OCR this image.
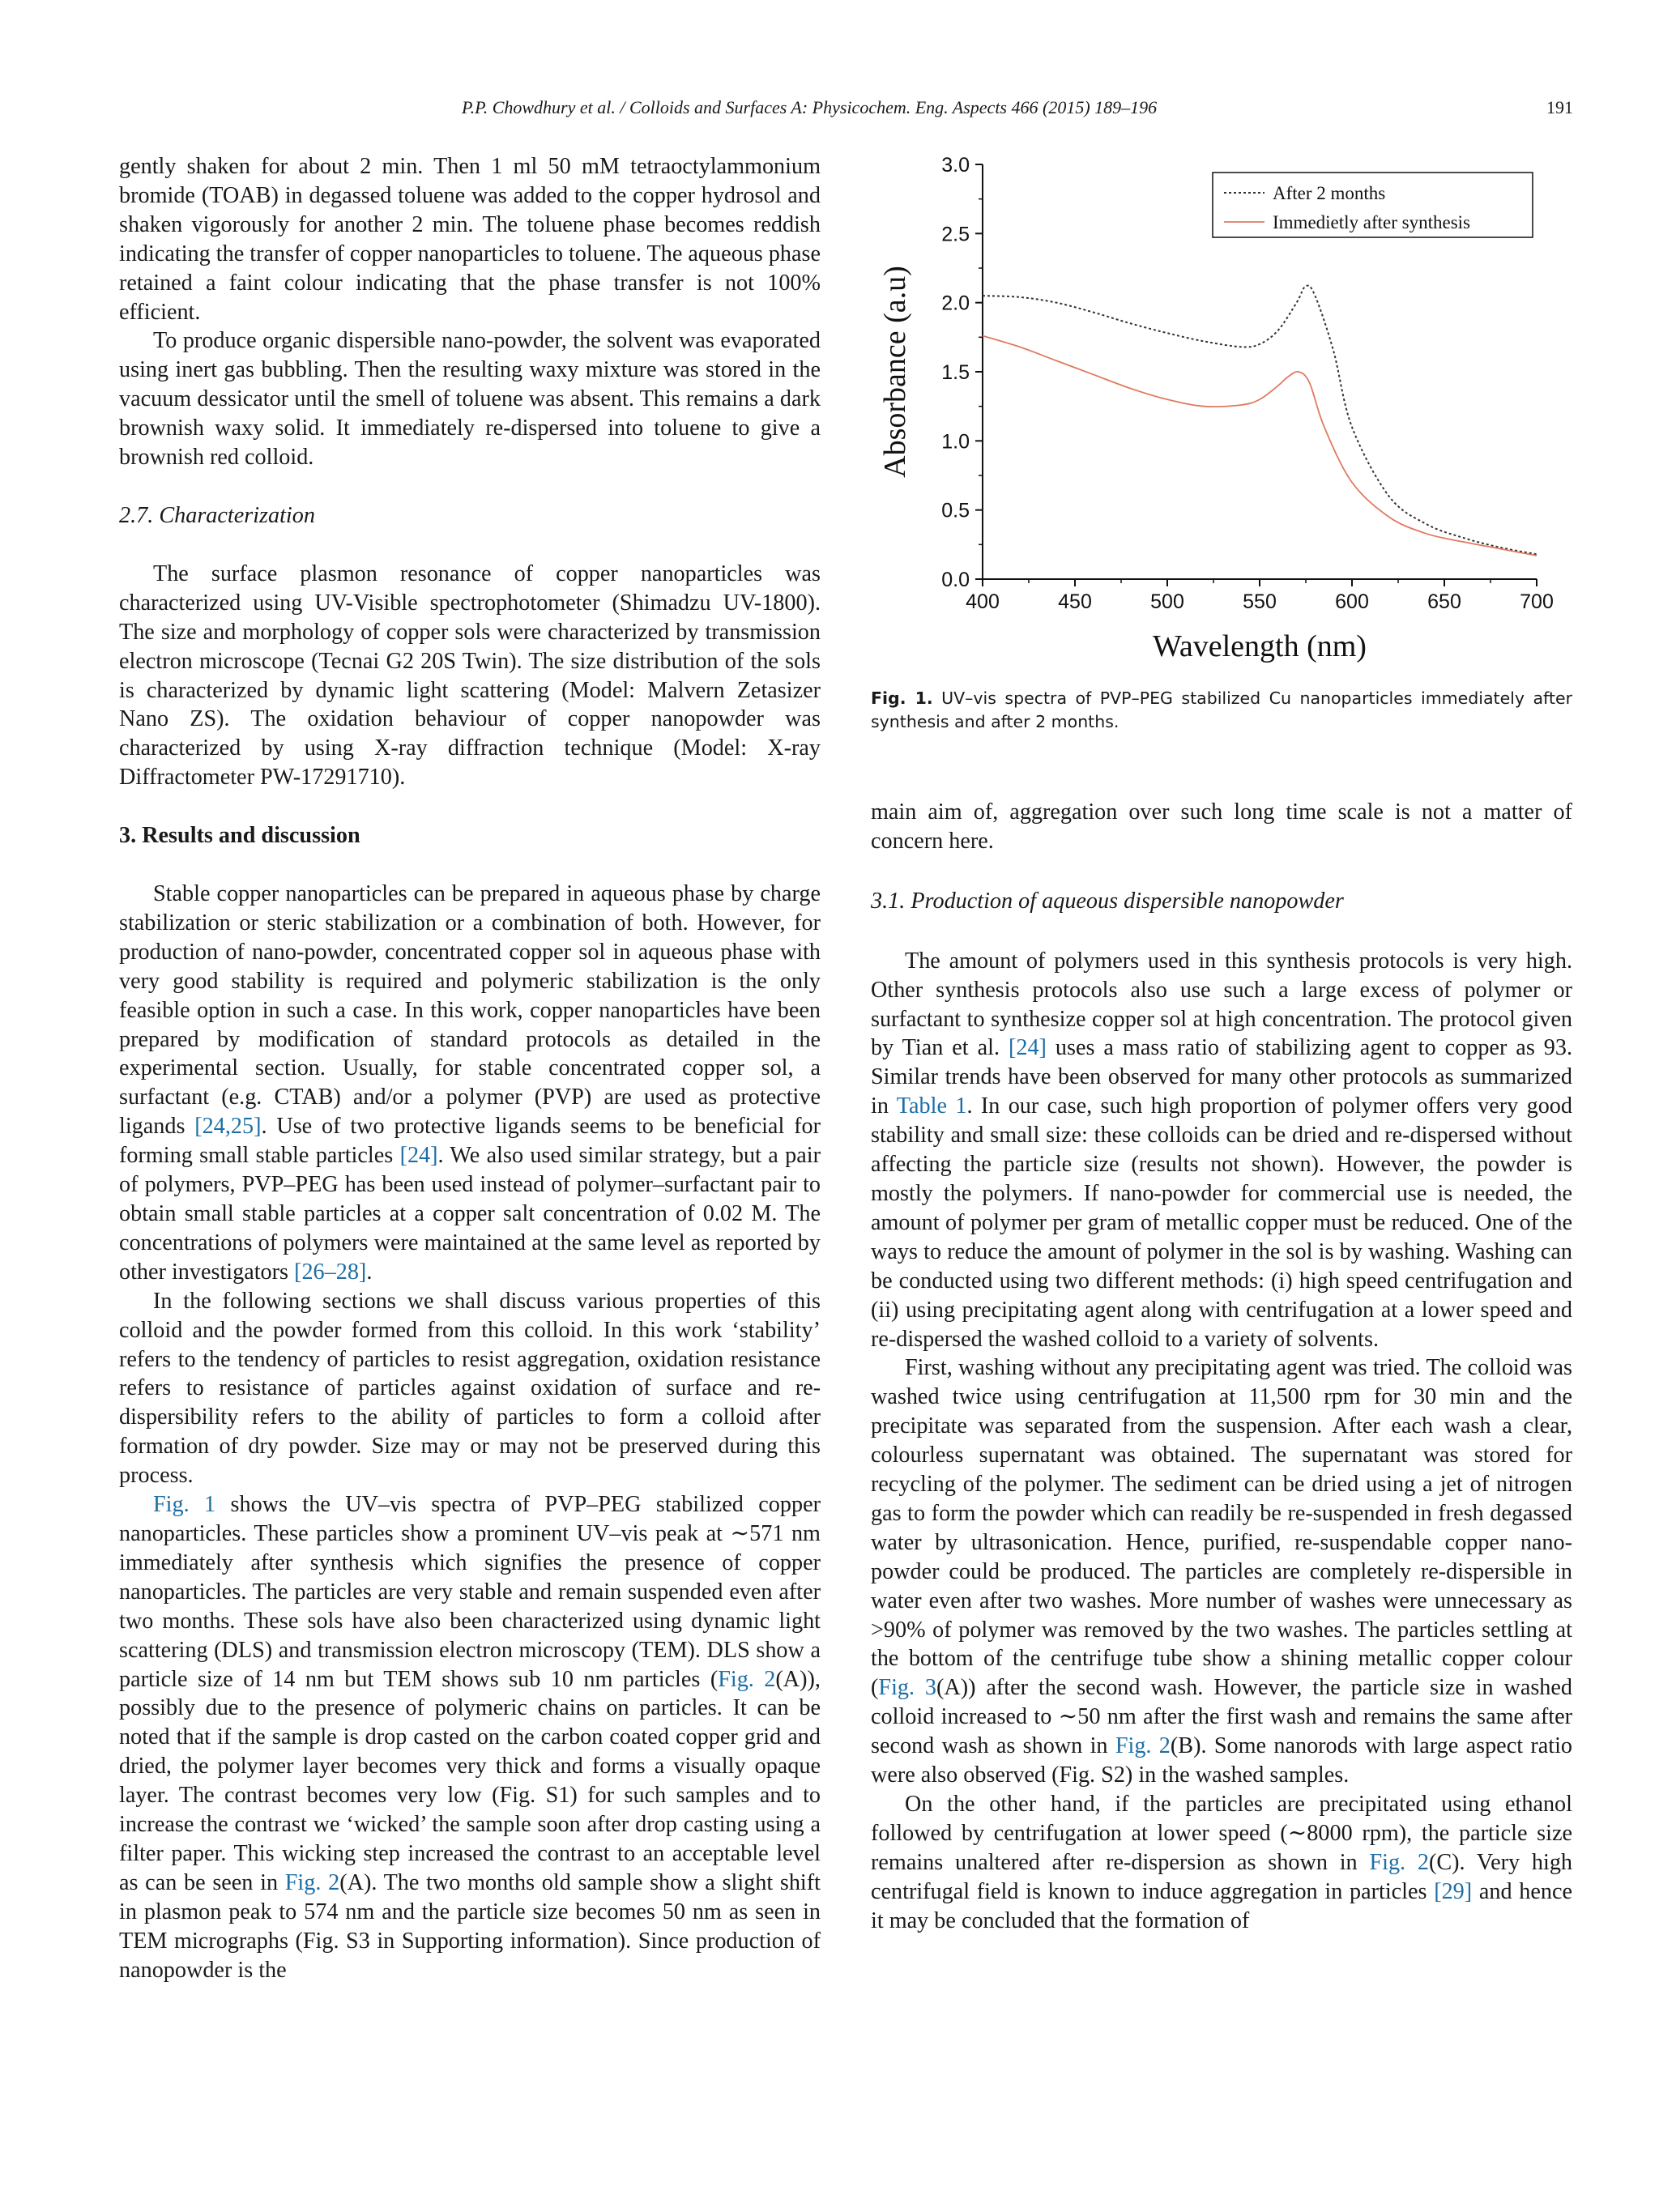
P.P. Chowdhury et al. / Colloids and Surfaces A: Physicochem. Eng. Aspects 466 (2015) 189–196	191

gently shaken for about 2 min. Then 1 ml 50 mM tetraoctylammonium bromide (TOAB) in degassed toluene was added to the copper hydrosol and shaken vigorously for another 2 min. The toluene phase becomes reddish indicating the transfer of copper nanoparticles to toluene. The aqueous phase retained a faint colour indicating that the phase transfer is not 100% efficient.

To produce organic dispersible nano-powder, the solvent was evaporated using inert gas bubbling. Then the resulting waxy mixture was stored in the vacuum dessicator until the smell of toluene was absent. This remains a dark brownish waxy solid. It immediately re-dispersed into toluene to give a brownish red colloid.

2.7. Characterization

The surface plasmon resonance of copper nanoparticles was characterized using UV-Visible spectrophotometer (Shimadzu UV-1800). The size and morphology of copper sols were characterized by transmission electron microscope (Tecnai G2 20S Twin). The size distribution of the sols is characterized by dynamic light scattering (Model: Malvern Zetasizer Nano ZS). The oxidation behaviour of copper nanopowder was characterized by using X-ray diffraction technique (Model: X-ray Diffractometer PW-17291710).

3. Results and discussion

Stable copper nanoparticles can be prepared in aqueous phase by charge stabilization or steric stabilization or a combination of both. However, for production of nano-powder, concentrated copper sol in aqueous phase with very good stability is required and polymeric stabilization is the only feasible option in such a case. In this work, copper nanoparticles have been prepared by modification of standard protocols as detailed in the experimental section. Usually, for stable concentrated copper sol, a surfactant (e.g. CTAB) and/or a polymer (PVP) are used as protective ligands [24,25]. Use of two protective ligands seems to be beneficial for forming small stable particles [24]. We also used similar strategy, but a pair of polymers, PVP–PEG has been used instead of polymer–surfactant pair to obtain small stable particles at a copper salt concentration of 0.02 M. The concentrations of polymers were maintained at the same level as reported by other investigators [26–28].

In the following sections we shall discuss various properties of this colloid and the powder formed from this colloid. In this work ‘stability’ refers to the tendency of particles to resist aggregation, oxidation resistance refers to resistance of particles against oxidation of surface and re-dispersibility refers to the ability of particles to form a colloid after formation of dry powder. Size may or may not be preserved during this process.

Fig. 1 shows the UV–vis spectra of PVP–PEG stabilized copper nanoparticles. These particles show a prominent UV–vis peak at ∼571 nm immediately after synthesis which signifies the presence of copper nanoparticles. The particles are very stable and remain suspended even after two months. These sols have also been characterized using dynamic light scattering (DLS) and transmission electron microscopy (TEM). DLS show a particle size of 14 nm but TEM shows sub 10 nm particles (Fig. 2(A)), possibly due to the presence of polymeric chains on particles. It can be noted that if the sample is drop casted on the carbon coated copper grid and dried, the polymer layer becomes very thick and forms a visually opaque layer. The contrast becomes very low (Fig. S1) for such samples and to increase the contrast we ‘wicked’ the sample soon after drop casting using a filter paper. This wicking step increased the contrast to an acceptable level as can be seen in Fig. 2(A). The two months old sample show a slight shift in plasmon peak to 574 nm and the particle size becomes 50 nm as seen in TEM micrographs (Fig. S3 in Supporting information). Since production of nanopowder is the

400	450	500	550	600	650	700
0.0
0.5
1.0
1.5
2.0
2.5
3.0
Wavelength (nm)
Absorbance (a.u)
After 2 months
Immedietly after synthesis
Fig. 1. UV–vis spectra of PVP–PEG stabilized Cu nanoparticles immediately after synthesis and after 2 months.

main aim of, aggregation over such long time scale is not a matter of concern here.

3.1. Production of aqueous dispersible nanopowder

The amount of polymers used in this synthesis protocols is very high. Other synthesis protocols also use such a large excess of polymer or surfactant to synthesize copper sol at high concentration. The protocol given by Tian et al. [24] uses a mass ratio of stabilizing agent to copper as 93. Similar trends have been observed for many other protocols as summarized in Table 1. In our case, such high proportion of polymer offers very good stability and small size: these colloids can be dried and re-dispersed without affecting the particle size (results not shown). However, the powder is mostly the polymers. If nano-powder for commercial use is needed, the amount of polymer per gram of metallic copper must be reduced. One of the ways to reduce the amount of polymer in the sol is by washing. Washing can be conducted using two different methods: (i) high speed centrifugation and (ii) using precipitating agent along with centrifugation at a lower speed and re-dispersed the washed colloid to a variety of solvents.

First, washing without any precipitating agent was tried. The colloid was washed twice using centrifugation at 11,500 rpm for 30 min and the precipitate was separated from the suspension. After each wash a clear, colourless supernatant was obtained. The supernatant was stored for recycling of the polymer. The sediment can be dried using a jet of nitrogen gas to form the powder which can readily be re-suspended in fresh degassed water by ultrasonication. Hence, purified, re-suspendable copper nano-powder could be produced. The particles are completely re-dispersible in water even after two washes. More number of washes were unnecessary as >90% of polymer was removed by the two washes. The particles settling at the bottom of the centrifuge tube show a shining metallic copper colour (Fig. 3(A)) after the second wash. However, the particle size in washed colloid increased to ∼50 nm after the first wash and remains the same after second wash as shown in Fig. 2(B). Some nanorods with large aspect ratio were also observed (Fig. S2) in the washed samples.

On the other hand, if the particles are precipitated using ethanol followed by centrifugation at lower speed (∼8000 rpm), the particle size remains unaltered after re-dispersion as shown in Fig. 2(C). Very high centrifugal field is known to induce aggregation in particles [29] and hence it may be concluded that the formation of
